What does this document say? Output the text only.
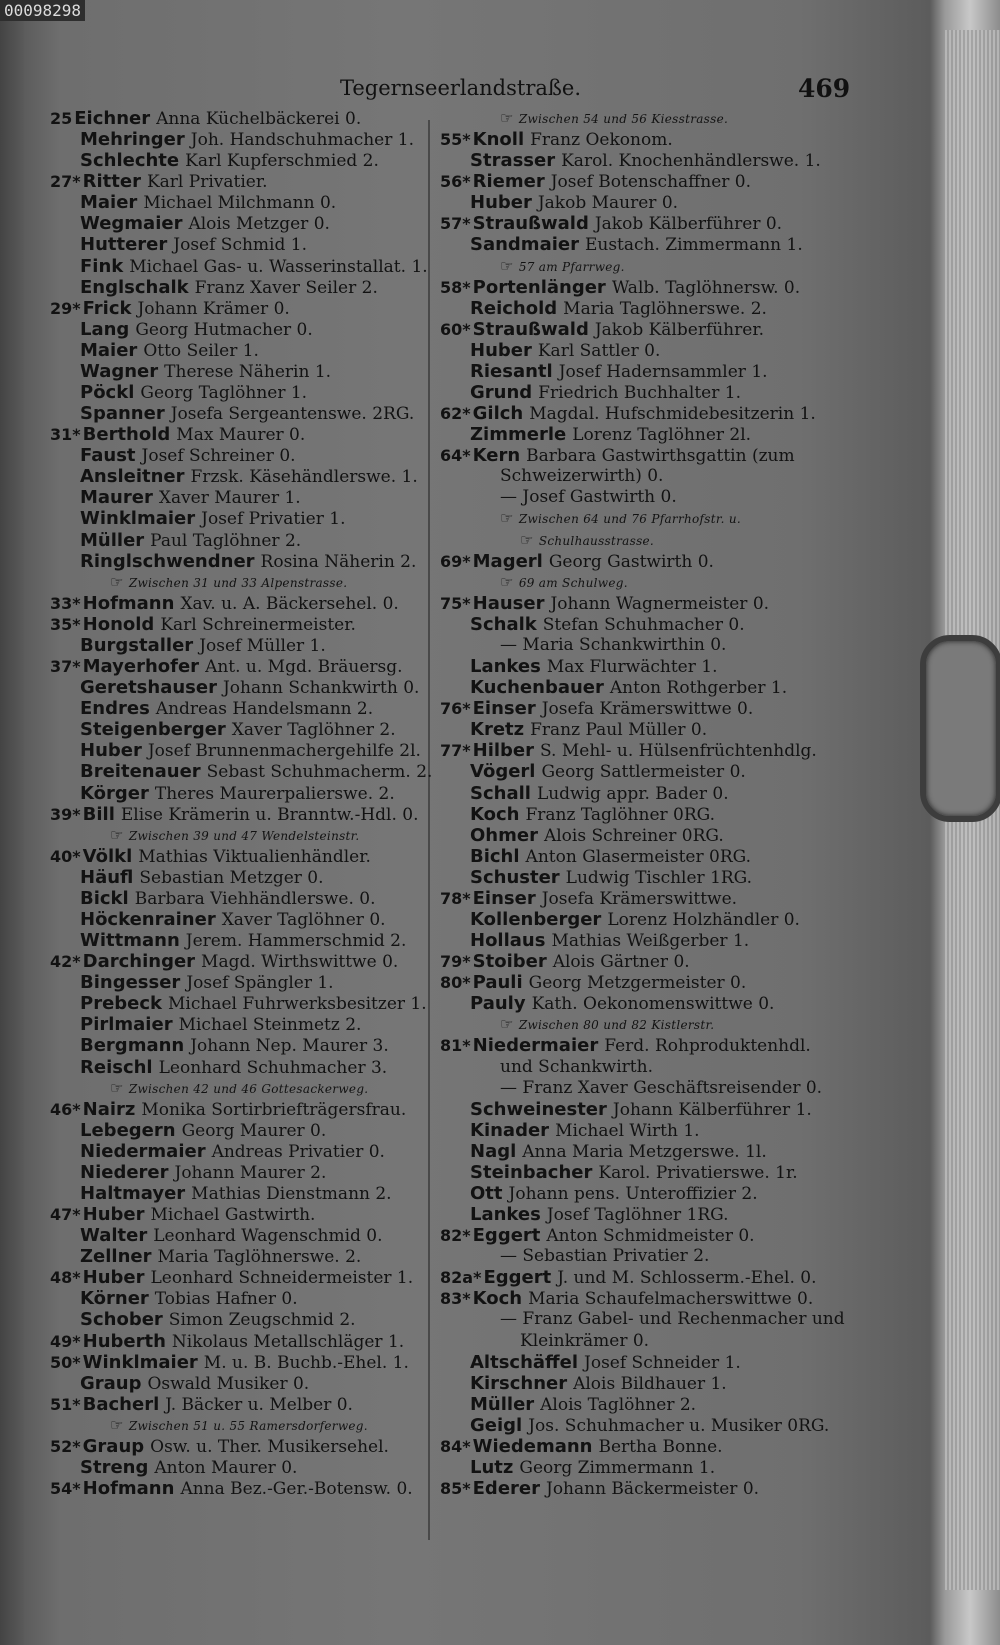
00098298
Tegernseerlandstraße.	469
25 Eichner Anna Küchelbäckerei 0.
Mehringer Joh. Handschuhmacher 1.
Schlechte Karl Kupferschmied 2.
27* Ritter Karl Privatier.
Maier Michael Milchmann 0.
Wegmaier Alois Metzger 0.
Hutterer Josef Schmid 1.
Fink Michael Gas- u. Wasserinstallat. 1.
Englschalk Franz Xaver Seiler 2.
29* Frick Johann Krämer 0.
Lang Georg Hutmacher 0.
Maier Otto Seiler 1.
Wagner Therese Näherin 1.
Pöckl Georg Taglöhner 1.
Spanner Josefa Sergeantenswe. 2RG.
31* Berthold Max Maurer 0.
Faust Josef Schreiner 0.
Ansleitner Frzsk. Käsehändlerswe. 1.
Maurer Xaver Maurer 1.
Winklmaier Josef Privatier 1.
Müller Paul Taglöhner 2.
Ringlschwendner Rosina Näherin 2.
☞ Zwischen 31 und 33 Alpenstrasse.
33* Hofmann Xav. u. A. Bäckersehel. 0.
35* Honold Karl Schreinermeister.
Burgstaller Josef Müller 1.
37* Mayerhofer Ant. u. Mgd. Bräuersg.
Geretshauser Johann Schankwirth 0.
Endres Andreas Handelsmann 2.
Steigenberger Xaver Taglöhner 2.
Huber Josef Brunnenmachergehilfe 2l.
Breitenauer Sebast Schuhmacherm. 2.
Körger Theres Maurerpalierswe. 2.
39* Bill Elise Krämerin u. Branntw.-Hdl. 0.
☞ Zwischen 39 und 47 Wendelsteinstr.
40* Völkl Mathias Viktualienhändler.
Häufl Sebastian Metzger 0.
Bickl Barbara Viehhändlerswe. 0.
Höckenrainer Xaver Taglöhner 0.
Wittmann Jerem. Hammerschmid 2.
42* Darchinger Magd. Wirthswittwe 0.
Bingesser Josef Spängler 1.
Prebeck Michael Fuhrwerksbesitzer 1.
Pirlmaier Michael Steinmetz 2.
Bergmann Johann Nep. Maurer 3.
Reischl Leonhard Schuhmacher 3.
☞ Zwischen 42 und 46 Gottesackerweg.
46* Nairz Monika Sortirbriefträgersfrau.
Lebegern Georg Maurer 0.
Niedermaier Andreas Privatier 0.
Niederer Johann Maurer 2.
Haltmayer Mathias Dienstmann 2.
47* Huber Michael Gastwirth.
Walter Leonhard Wagenschmid 0.
Zellner Maria Taglöhnerswe. 2.
48* Huber Leonhard Schneidermeister 1.
Körner Tobias Hafner 0.
Schober Simon Zeugschmid 2.
49* Huberth Nikolaus Metallschläger 1.
50* Winklmaier M. u. B. Buchb.-Ehel. 1.
Graup Oswald Musiker 0.
51* Bacherl J. Bäcker u. Melber 0.
☞ Zwischen 51 u. 55 Ramersdorferweg.
52* Graup Osw. u. Ther. Musikersehel.
Streng Anton Maurer 0.
54* Hofmann Anna Bez.-Ger.-Botensw. 0.
☞ Zwischen 54 und 56 Kiesstrasse.
55* Knoll Franz Oekonom.
Strasser Karol. Knochenhändlerswe. 1.
56* Riemer Josef Botenschaffner 0.
Huber Jakob Maurer 0.
57* Straußwald Jakob Kälberführer 0.
Sandmaier Eustach. Zimmermann 1.
☞ 57 am Pfarrweg.
58* Portenlänger Walb. Taglöhnersw. 0.
Reichold Maria Taglöhnerswe. 2.
60* Straußwald Jakob Kälberführer.
Huber Karl Sattler 0.
Riesantl Josef Hadernsammler 1.
Grund Friedrich Buchhalter 1.
62* Gilch Magdal. Hufschmidebesitzerin 1.
Zimmerle Lorenz Taglöhner 2l.
64* Kern Barbara Gastwirthsgattin (zum
Schweizerwirth) 0.
— Josef Gastwirth 0.
☞ Zwischen 64 und 76 Pfarrhofstr. u.
☞ Schulhausstrasse.
69* Magerl Georg Gastwirth 0.
☞ 69 am Schulweg.
75* Hauser Johann Wagnermeister 0.
Schalk Stefan Schuhmacher 0.
— Maria Schankwirthin 0.
Lankes Max Flurwächter 1.
Kuchenbauer Anton Rothgerber 1.
76* Einser Josefa Krämerswittwe 0.
Kretz Franz Paul Müller 0.
77* Hilber S. Mehl- u. Hülsenfrüchtenhdlg.
Vögerl Georg Sattlermeister 0.
Schall Ludwig appr. Bader 0.
Koch Franz Taglöhner 0RG.
Ohmer Alois Schreiner 0RG.
Bichl Anton Glasermeister 0RG.
Schuster Ludwig Tischler 1RG.
78* Einser Josefa Krämerswittwe.
Kollenberger Lorenz Holzhändler 0.
Hollaus Mathias Weißgerber 1.
79* Stoiber Alois Gärtner 0.
80* Pauli Georg Metzgermeister 0.
Pauly Kath. Oekonomenswittwe 0.
☞ Zwischen 80 und 82 Kistlerstr.
81* Niedermaier Ferd. Rohproduktenhdl.
und Schankwirth.
— Franz Xaver Geschäftsreisender 0.
Schweinester Johann Kälberführer 1.
Kinader Michael Wirth 1.
Nagl Anna Maria Metzgerswe. 1l.
Steinbacher Karol. Privatierswe. 1r.
Ott Johann pens. Unteroffizier 2.
Lankes Josef Taglöhner 1RG.
82* Eggert Anton Schmidmeister 0.
— Sebastian Privatier 2.
82a* Eggert J. und M. Schlosserm.-Ehel. 0.
83* Koch Maria Schaufelmacherswittwe 0.
— Franz Gabel- und Rechenmacher und
Kleinkrämer 0.
Altschäffel Josef Schneider 1.
Kirschner Alois Bildhauer 1.
Müller Alois Taglöhner 2.
Geigl Jos. Schuhmacher u. Musiker 0RG.
84* Wiedemann Bertha Bonne.
Lutz Georg Zimmermann 1.
85* Ederer Johann Bäckermeister 0.
